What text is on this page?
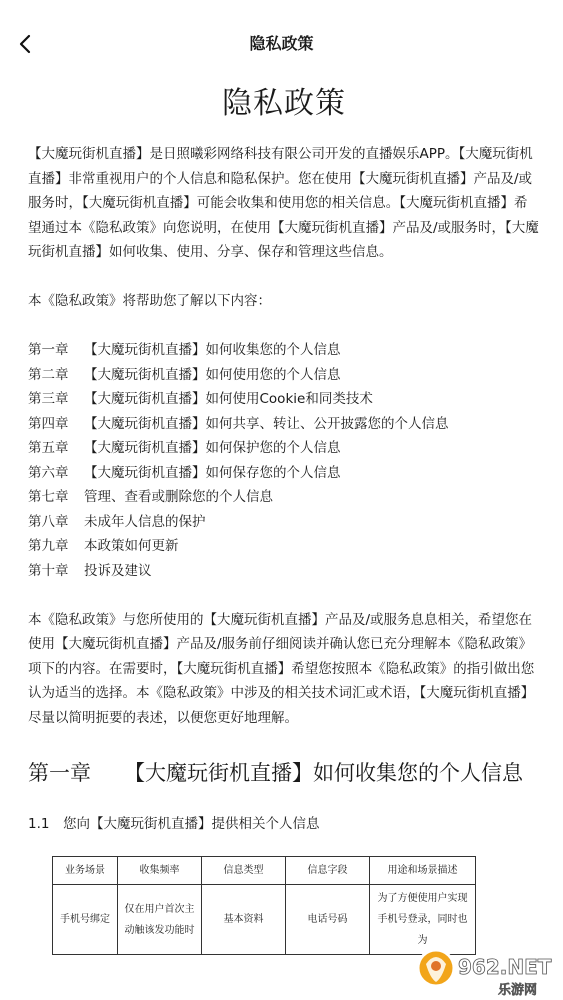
隐私政策
隐私政策

【大魔玩街机直播】是日照曦彩网络科技有限公司开发的直播娱乐APP。【大魔玩街机直播】非常重视用户的个人信息和隐私保护。您在使用【大魔玩街机直播】产品及/或服务时，【大魔玩街机直播】可能会收集和使用您的相关信息。【大魔玩街机直播】希望通过本《隐私政策》向您说明，在使用【大魔玩街机直播】产品及/或服务时，【大魔玩街机直播】如何收集、使用、分享、保存和管理这些信息。

本《隐私政策》将帮助您了解以下内容：

第一章 【大魔玩街机直播】如何收集您的个人信息
第二章 【大魔玩街机直播】如何使用您的个人信息
第三章 【大魔玩街机直播】如何使用Cookie和同类技术
第四章 【大魔玩街机直播】如何共享、转让、公开披露您的个人信息
第五章 【大魔玩街机直播】如何保护您的个人信息
第六章 【大魔玩街机直播】如何保存您的个人信息
第七章 管理、查看或删除您的个人信息
第八章 未成年人信息的保护
第九章 本政策如何更新
第十章 投诉及建议

本《隐私政策》与您所使用的【大魔玩街机直播】产品及/或服务息息相关，希望您在使用【大魔玩街机直播】产品及/服务前仔细阅读并确认您已充分理解本《隐私政策》项下的内容。在需要时，【大魔玩街机直播】希望您按照本《隐私政策》的指引做出您认为适当的选择。本《隐私政策》中涉及的相关技术词汇或术语，【大魔玩街机直播】尽量以简明扼要的表述，以便您更好地理解。

第一章 【大魔玩街机直播】如何收集您的个人信息

1.1 您向【大魔玩街机直播】提供相关个人信息

业务场景	收集频率	信息类型	信息字段	用途和场景描述
手机号绑定	仅在用户首次主动触该发功能时	基本资料	电话号码	为了方便使用户实现手机号登录，同时也为
962.NET
乐游网
